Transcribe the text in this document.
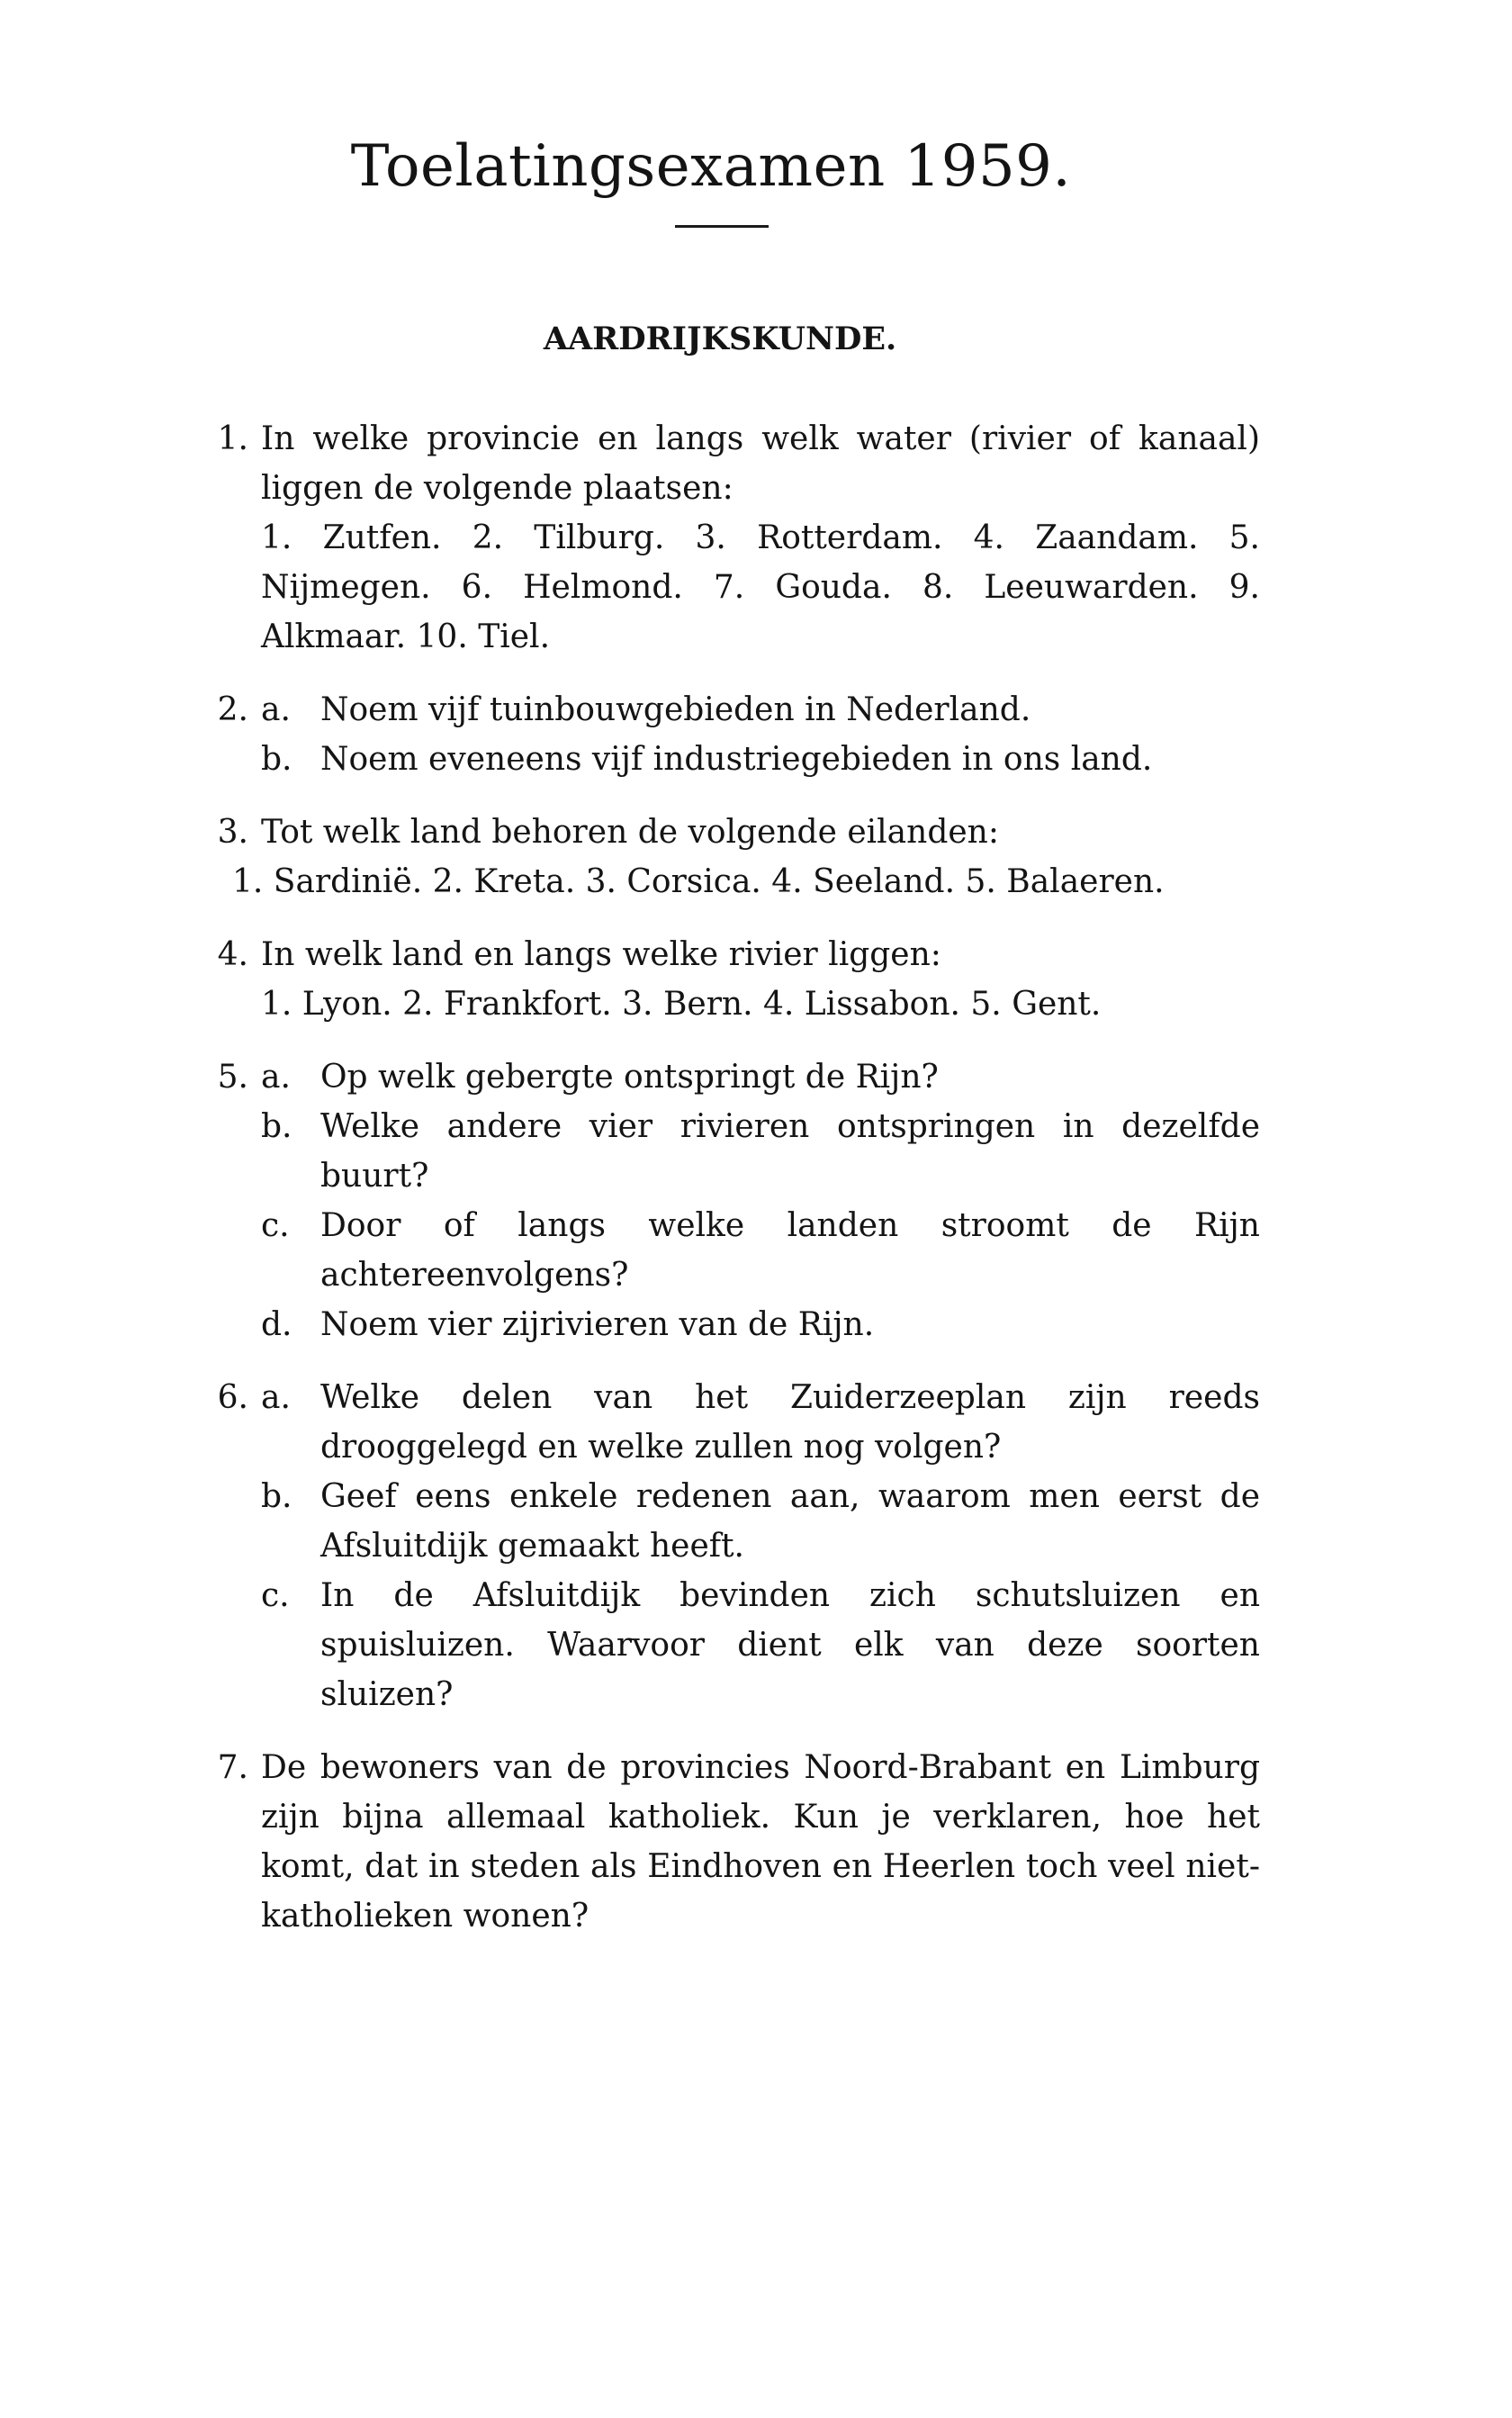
Toelatingsexamen 1959.
AARDRIJKSKUNDE.
1. In welke provincie en langs welk water (rivier of kanaal) liggen de volgende plaatsen:
1. Zutfen. 2. Tilburg. 3. Rotterdam. 4. Zaandam. 5. Nijmegen. 6. Helmond. 7. Gouda. 8. Leeuwarden. 9. Alkmaar. 10. Tiel.
2. a. Noem vijf tuinbouwgebieden in Nederland.
b. Noem eveneens vijf industriegebieden in ons land.
3. Tot welk land behoren de volgende eilanden:
1. Sardinië. 2. Kreta. 3. Corsica. 4. Seeland. 5. Balaeren.
4. In welk land en langs welke rivier liggen:
1. Lyon. 2. Frankfort. 3. Bern. 4. Lissabon. 5. Gent.
5. a. Op welk gebergte ontspringt de Rijn?
b. Welke andere vier rivieren ontspringen in dezelfde buurt?
c. Door of langs welke landen stroomt de Rijn achtereenvolgens?
d. Noem vier zijrivieren van de Rijn.
6. a. Welke delen van het Zuiderzeeplan zijn reeds drooggelegd en welke zullen nog volgen?
b. Geef eens enkele redenen aan, waarom men eerst de Afsluitdijk gemaakt heeft.
c. In de Afsluitdijk bevinden zich schutsluizen en spuisluizen. Waarvoor dient elk van deze soorten sluizen?
7. De bewoners van de provincies Noord-Brabant en Limburg zijn bijna allemaal katholiek. Kun je verklaren, hoe het komt, dat in steden als Eindhoven en Heerlen toch veel niet-katholieken wonen?
